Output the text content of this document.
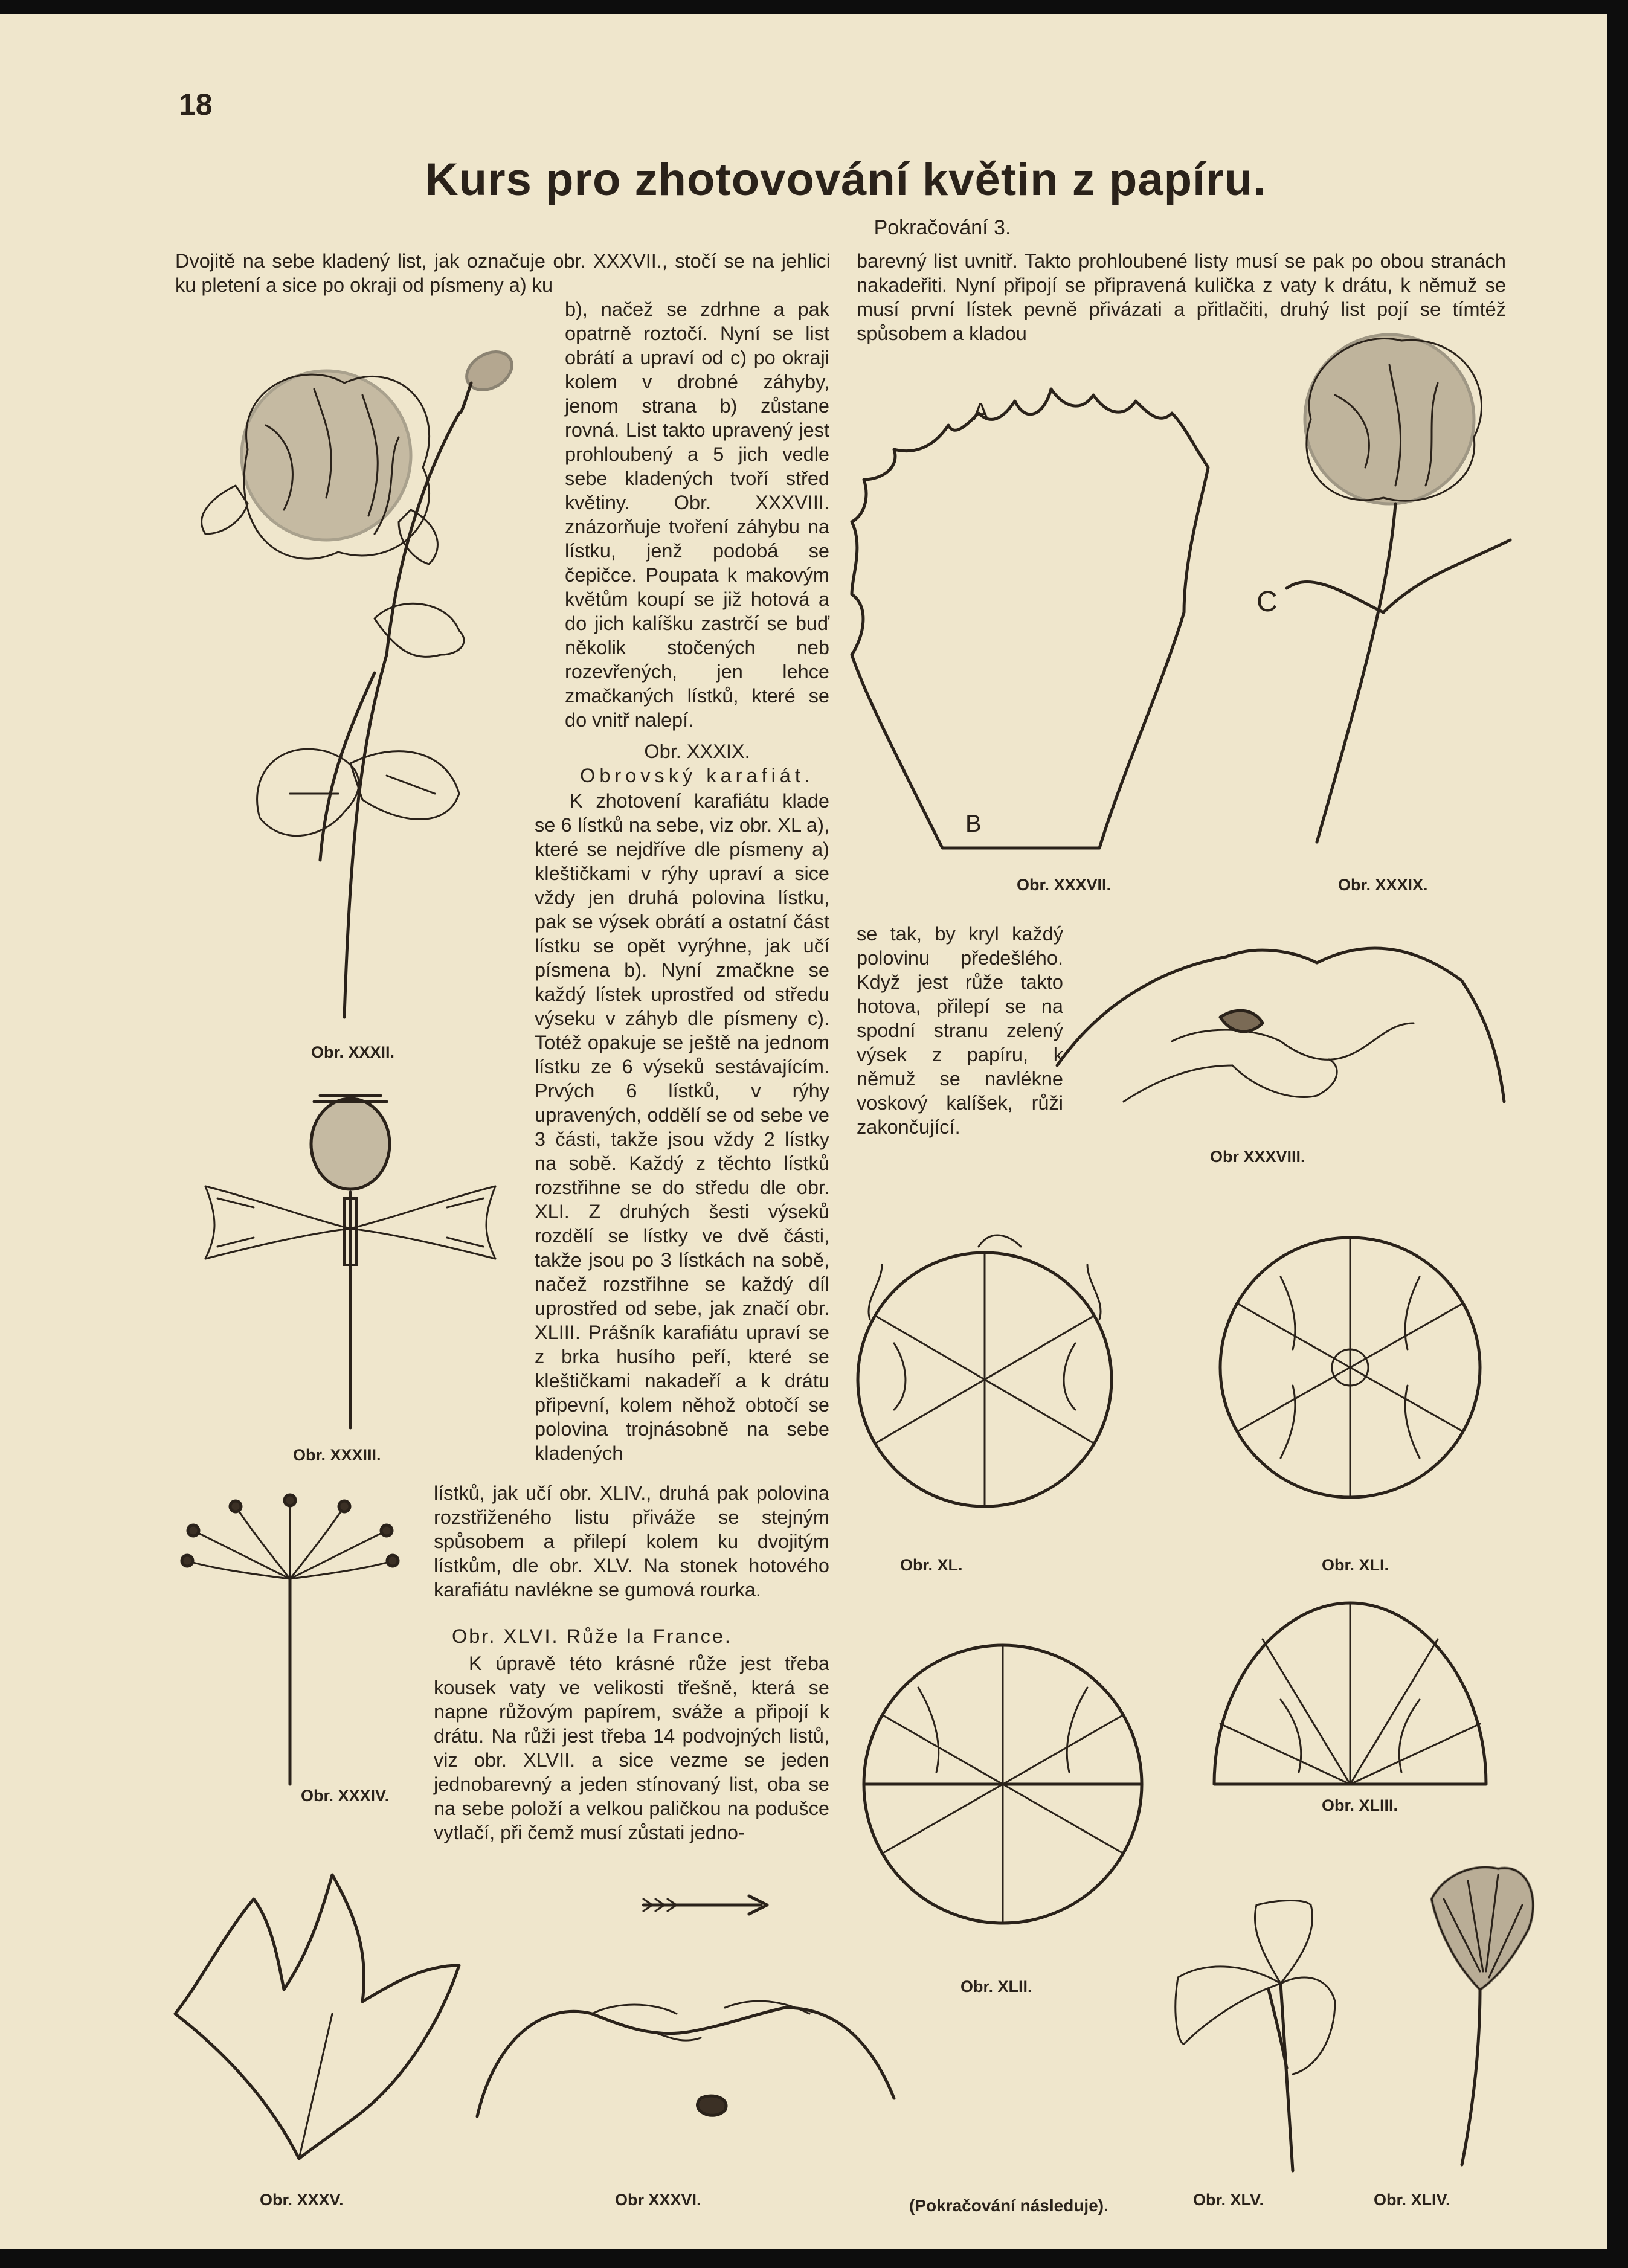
18
Kurs pro zhotovování květin z papíru.
Pokračování 3.
Dvojitě na sebe kladený list, jak označuje obr. XXXVII., stočí se na jehlici ku pletení a sice po okraji od písmeny a) ku
b), načež se zdrhne a pak opatrně roztočí. Nyní se list obrátí a upraví od c) po okraji kolem v drobné záhyby, jenom strana b) zůstane rovná. List takto upravený jest prohloubený a 5 jich vedle sebe kladených tvoří střed květiny. Obr. XXXVIII. znázorňuje tvoření záhybu na lístku, jenž podobá se čepičce. Poupata k makovým květům koupí se již hotová a do jich kalíšku zastrčí se buď několik stočených neb rozevřených, jen lehce zmačkaných lístků, které se do vnitř nalepí.
Obr. XXXIX.
Obrovský karafiát.
K zhotovení karafiátu klade se 6 lístků na sebe, viz obr. XL a), které se nejdříve dle písmeny a) kleštičkami v rýhy upraví a sice vždy jen druhá polovina lístku, pak se výsek obrátí a ostatní část lístku se opět vyrýhne, jak učí písmena b). Nyní zmačkne se každý lístek uprostřed od středu výseku v záhyb dle písmeny c). Totéž opakuje se ještě na jednom lístku ze 6 výseků sestávajícím. Prvých 6 lístků, v rýhy upravených, oddělí se od sebe ve 3 části, takže jsou vždy 2 lístky na sobě. Každý z těchto lístků rozstřihne se do středu dle obr. XLI. Z druhých šesti výseků rozdělí se lístky ve dvě části, takže jsou po 3 lístkách na sobě, načež rozstřihne se každý díl uprostřed od sebe, jak značí obr. XLIII. Prášník karafiátu upraví se z brka husího peří, které se kleštičkami nakadeří a k drátu připevní, kolem něhož obtočí se polovina trojnásobně na sebe kladených
lístků, jak učí obr. XLIV., druhá pak polovina rozstřiženého listu přiváže se stejným spůsobem a přilepí kolem ku dvojitým lístkům, dle obr. XLV. Na stonek hotového karafiátu navlékne se gumová rourka.
Obr. XLVI. Růže la France.
K úpravě této krásné růže jest třeba kousek vaty ve velikosti třešně, která se napne růžovým papírem, sváže a připojí k drátu. Na růži jest třeba 14 podvojných listů, viz obr. XLVII. a sice vezme se jeden jednobarevný a jeden stínovaný list, oba se na sebe položí a velkou paličkou na podušce vytlačí, při čemž musí zůstati jedno-
barevný list uvnitř. Takto prohloubené listy musí se pak po obou stranách nakadeřiti. Nyní připojí se připravená kulička z vaty k drátu, k němuž se musí první lístek pevně přivázati a přitlačiti, druhý list pojí se tímtéž spůsobem a kladou
se tak, by kryl každý polovinu předešlého. Když jest růže takto hotova, přilepí se na spodní stranu zelený výsek z papíru, k němuž se navlékne voskový kalíšek, růži zakončující.
(Pokračování následuje).
Obr. XXXII.
Obr. XXXIII.
Obr. XXXIV.
Obr. XXXV.	Obr XXXVI.
A
B
C
Obr. XXXVII.	Obr. XXXIX.
Obr XXXVIII.
Obr. XL.	Obr. XLI.
Obr. XLII.
Obr. XLIII.
Obr. XLV.	Obr. XLIV.
